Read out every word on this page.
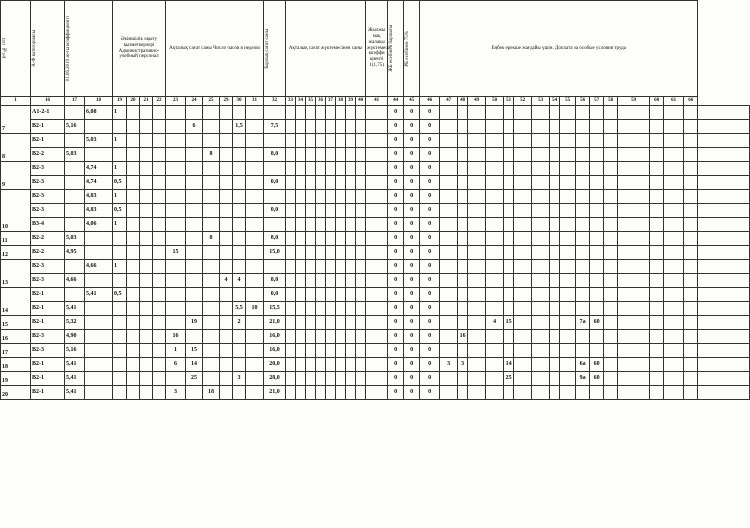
р/с.№ п/п	А-Ф категориясы	01.06.2019 ж-ғы коэффициенті		Әкімшілік оқыту қызметкерлері Административно-учебный персонал				Ақталық сағат саны Число часов в неделю						Барлық сағат саны	Ақталық сағат жүктемесінен саны								Жылжы мақ жалақы жүктемеси коэффи циенті 1(1,75)	ЖБ есебінен барлығы	РБ есебінен 75%	Еңбек ерекше жағдайы үшін. Доплата за особые условия труда																	

1	16	17	18	19	20	21	22	23	24	25	29	30	31	32	33	34	35	36	37	38	39	40	41	44	45	46	47	48	49	50	51	52	53	54	55	56	57	58	59	60	61	66	
7	А1-2-1		6,08	1																				0	0	0																	
	В2-1	5,16							6			1,5		7,5										0	0	0																	
8	В2-1		5,03	1																				0	0	0																	
	В2-2	5,03								8				8,0										0	0	0																	
9	В2-3		4,74	1																				0	0	0																	
	В2-3		4,74	0,5										0,0										0	0	0																	
10	В2-3		4,83	1																				0	0	0																	
	В2-3		4,83	0,5										0,0										0	0	0																	
	В3-4		4,06	1																				0	0	0																	
11	В2-2	5,03								8				8,0										0	0	0																	
12	В2-2	4,95						15						15,0										0	0	0																	
13	В2-3		4,66	1																				0	0	0																	
	В2-3	4,66									4	4		8,0										0	0	0																	
14	В2-1		5,41	0,5										0,0										0	0	0																	
	В2-1	5,41										5,5	10	15,5										0	0	0																	
15	В2-1	5,32							19			2		21,0										0	0	0				4	15					7а	60						
16	В2-3	4,90						16						16,0										0	0	0		16															
17	В2-3	5,16						1	15					16,0										0	0	0																	
18	В2-1	5,41						6	14					20,0										0	0	0	3	3			14					6а	60						
19	В2-1	5,41							25			3		28,0										0	0	0					25					9а	60						
20	В2-1	5,41						3		18				21,0										0	0	0																	
